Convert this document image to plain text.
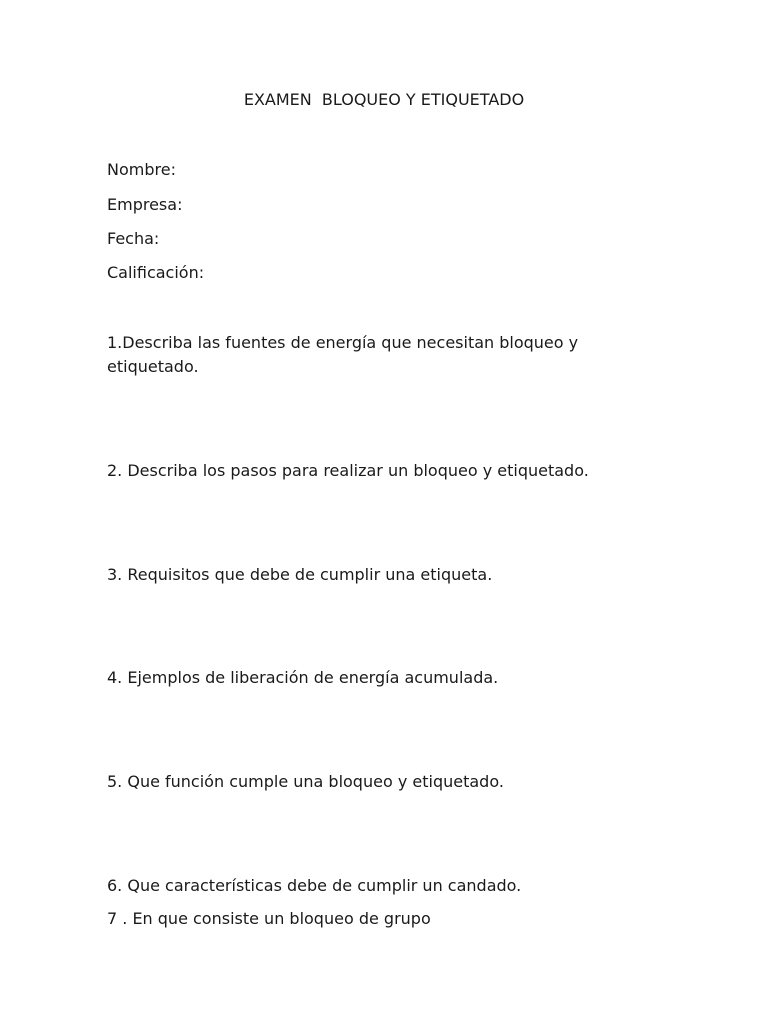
EXAMEN  BLOQUEO Y ETIQUETADO
Nombre:
Empresa:
Fecha:
Calificación:
1.Describa las fuentes de energía que necesitan bloqueo y etiquetado.
2. Describa los pasos para realizar un bloqueo y etiquetado.
3. Requisitos que debe de cumplir una etiqueta.
4. Ejemplos de liberación de energía acumulada.
5. Que función cumple una bloqueo y etiquetado.
6. Que características debe de cumplir un candado.
7 . En que consiste un bloqueo de grupo
